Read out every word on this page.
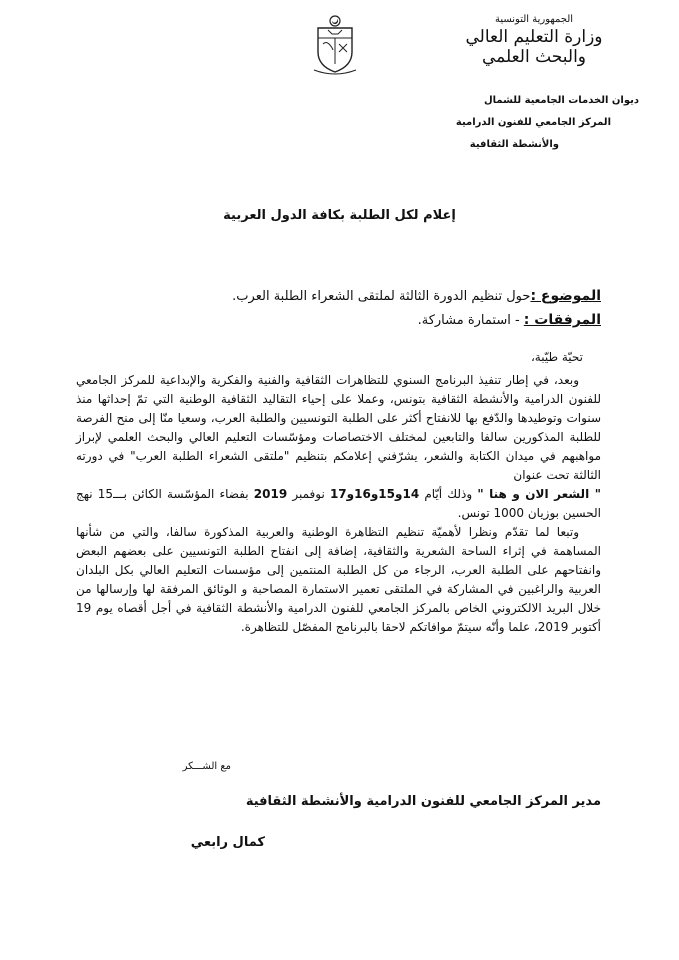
الجمهورية التونسية
وزارة التعليم العالي
والبحث العلمي
ديوان الخدمات الجامعية للشمال
المركز الجامعي للفنون الدرامية
والأنشطة الثقافية
إعلام لكل الطلبة بكافة الدول العربية
الموضوع :حول تنظيم الدورة الثالثة لملتقى الشعراء الطلبة العرب.
المرفقات : - استمارة مشاركة.

تحيّة طيّبة،

وبعد، في إطار تنفيذ البرنامج السنوي للتظاهرات الثقافية والفنية والفكرية والإبداعية للمركز الجامعي للفنون الدرامية والأنشطة الثقافية بتونس، وعملا على إحياء التقاليد الثقافية الوطنية التي تمّ إحداثها منذ سنوات وتوطيدها والدّفع بها للانفتاح أكثر على الطلبة التونسيين والطلبة العرب، وسعيا منّا إلى منح الفرصة للطلبة المذكورين سالفا والتابعين لمختلف الاختصاصات ومؤسّسات التعليم العالي والبحث العلمي لإبراز مواهبهم في ميدان الكتابة والشعر، يشرّفني إعلامكم بتنظيم "ملتقى الشعراء الطلبة العرب" في دورته الثالثة تحت عنوان

" الشعر الان و هنا " وذلك أيّام 14و15و16و17 نوفمبر 2019 بفضاء المؤسّسة الكائن بـــ15 نهج الحسين بوزيان 1000 تونس.

وتبعا لما تقدّم ونظرا لأهميّة تنظيم التظاهرة الوطنية والعربية المذكورة سالفا، والتي من شأنها المساهمة في إثراء الساحة الشعرية والثقافية، إضافة إلى انفتاح الطلبة التونسيين على بعضهم البعض وانفتاحهم على الطلبة العرب، الرجاء من كل الطلبة المنتمين إلى مؤسسات التعليم العالي بكل البلدان العربية والراغبين في المشاركة في الملتقى تعمير الاستمارة المصاحبة و الوثائق المرفقة لها وإرسالها من خلال البريد الالكتروني الخاص بالمركز الجامعي للفنون الدرامية والأنشطة الثقافية في أجل أقصاه يوم 19 أكتوبر 2019، علما وأنّه سيتمّ موافاتكم لاحقا بالبرنامج المفصّل للتظاهرة.

مع الشـــكر
مدير المركز الجامعي للفنون الدرامية والأنشطة الثقافية
كمال رابعي
